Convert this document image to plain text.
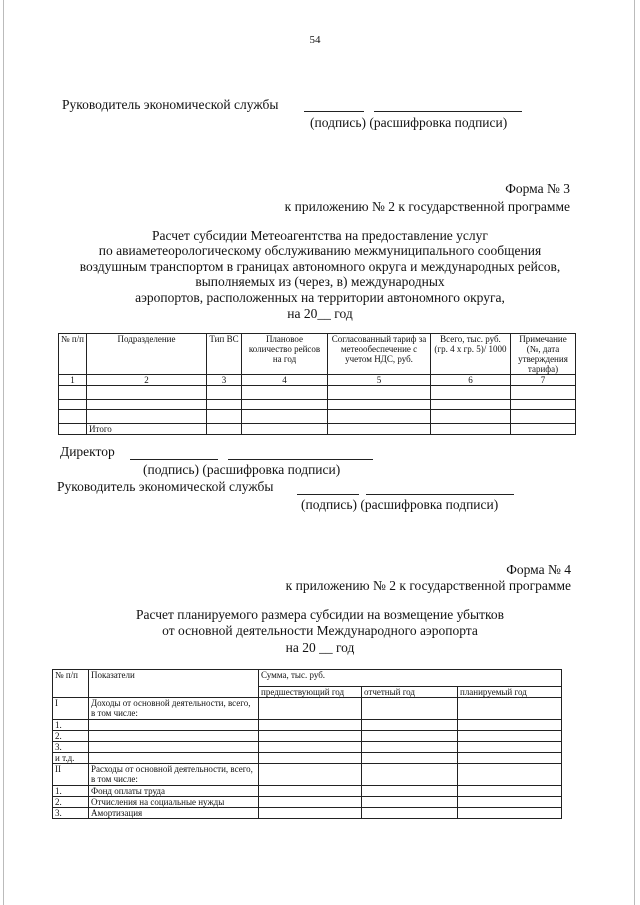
54
Руководитель экономической службы
(подпись) (расшифровка подписи)
Форма № 3
к приложению № 2 к государственной программе
Расчет субсидии Метеоагентства на предоставление услуг
по авиаметеорологическому обслуживанию межмуниципального сообщения
воздушным транспортом в границах автономного округа и международных рейсов,
выполняемых из (через, в) международных
аэропортов, расположенных на территории автономного округа,
на 20__ год
№ п/п	Подразделение	Тип ВС	Плановое количество рейсов на год	Согласованный тариф за метеообеспечение с учетом НДС, руб.	Всего, тыс. руб. (гр. 4 x гр. 5)/ 1000	Примечание (№, дата утверждения тарифа)
1	2	3	4	5	6	7

	Итого					
Директор
(подпись) (расшифровка подписи)
Руководитель экономической службы
(подпись) (расшифровка подписи)
Форма № 4
к приложению № 2 к государственной программе
Расчет планируемого размера субсидии на возмещение убытков
от основной деятельности Международного аэропорта
на 20 __ год
№ п/п	Показатели	Сумма, тыс. руб.		
		предшествующий год	отчетный год	планируемый год
I	Доходы от основной деятельности, всего, в том числе:			
1.				
2.				
3.				
и т.д.				
II	Расходы от основной деятельности, всего, в том числе:			
1.	Фонд оплаты труда			
2.	Отчисления на социальные нужды			
3.	Амортизация			
